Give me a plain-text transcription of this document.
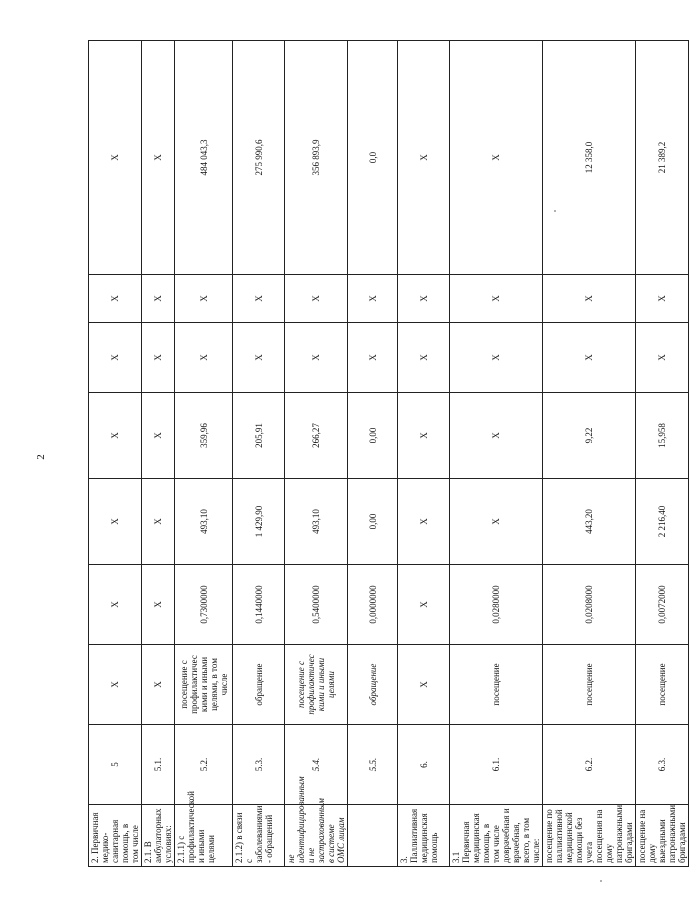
2
2. Первичная медико-санитарная помощь, в том числе	5	X	X	X	X	X	X	X
2.1. В амбулаторных условиях:	5.1.	X	X	X	X	X	X	X
2.1.1) с профилактической и иными целями	5.2.	посещение с профилактичес кими и иными целями, в том числе	0,7300000	493,10	359,96	X	X	484 043,3
2.1.2) в связи с заболеваниями - обращений	5.3.	обращение	0,1440000	1 429,90	205,91	X	X	275 990,6
не идентифицированным и не застрахованным в системе ОМС лицам	5.4.	посещение с профилактичес кими и иными целями	0,5400000	493,10	266,27	X	X	356 893,9
	5.5.	обращение	0,0000000	0,00	0,00	X	X	0,0
3. Паллиативная медицинская помощь	6.	X	X	X	X	X	X	X
3.1 Первичная медицинская помощь, в том числе доврачебная и врачебная, всего, в том числе:	6.1.	посещение	0,0280000	X	X	X	X	X
посещение по паллиативной медицинской помощи без учета посещения на дому патронажными бригадами	6.2.	посещение	0,0208000	443,20	9,22	X	X	12 358,0
посещение на дому выездными патронажными бригадами	6.3.	посещение	0,0072000	2 216,40	15,958	X	X	21 389,2
